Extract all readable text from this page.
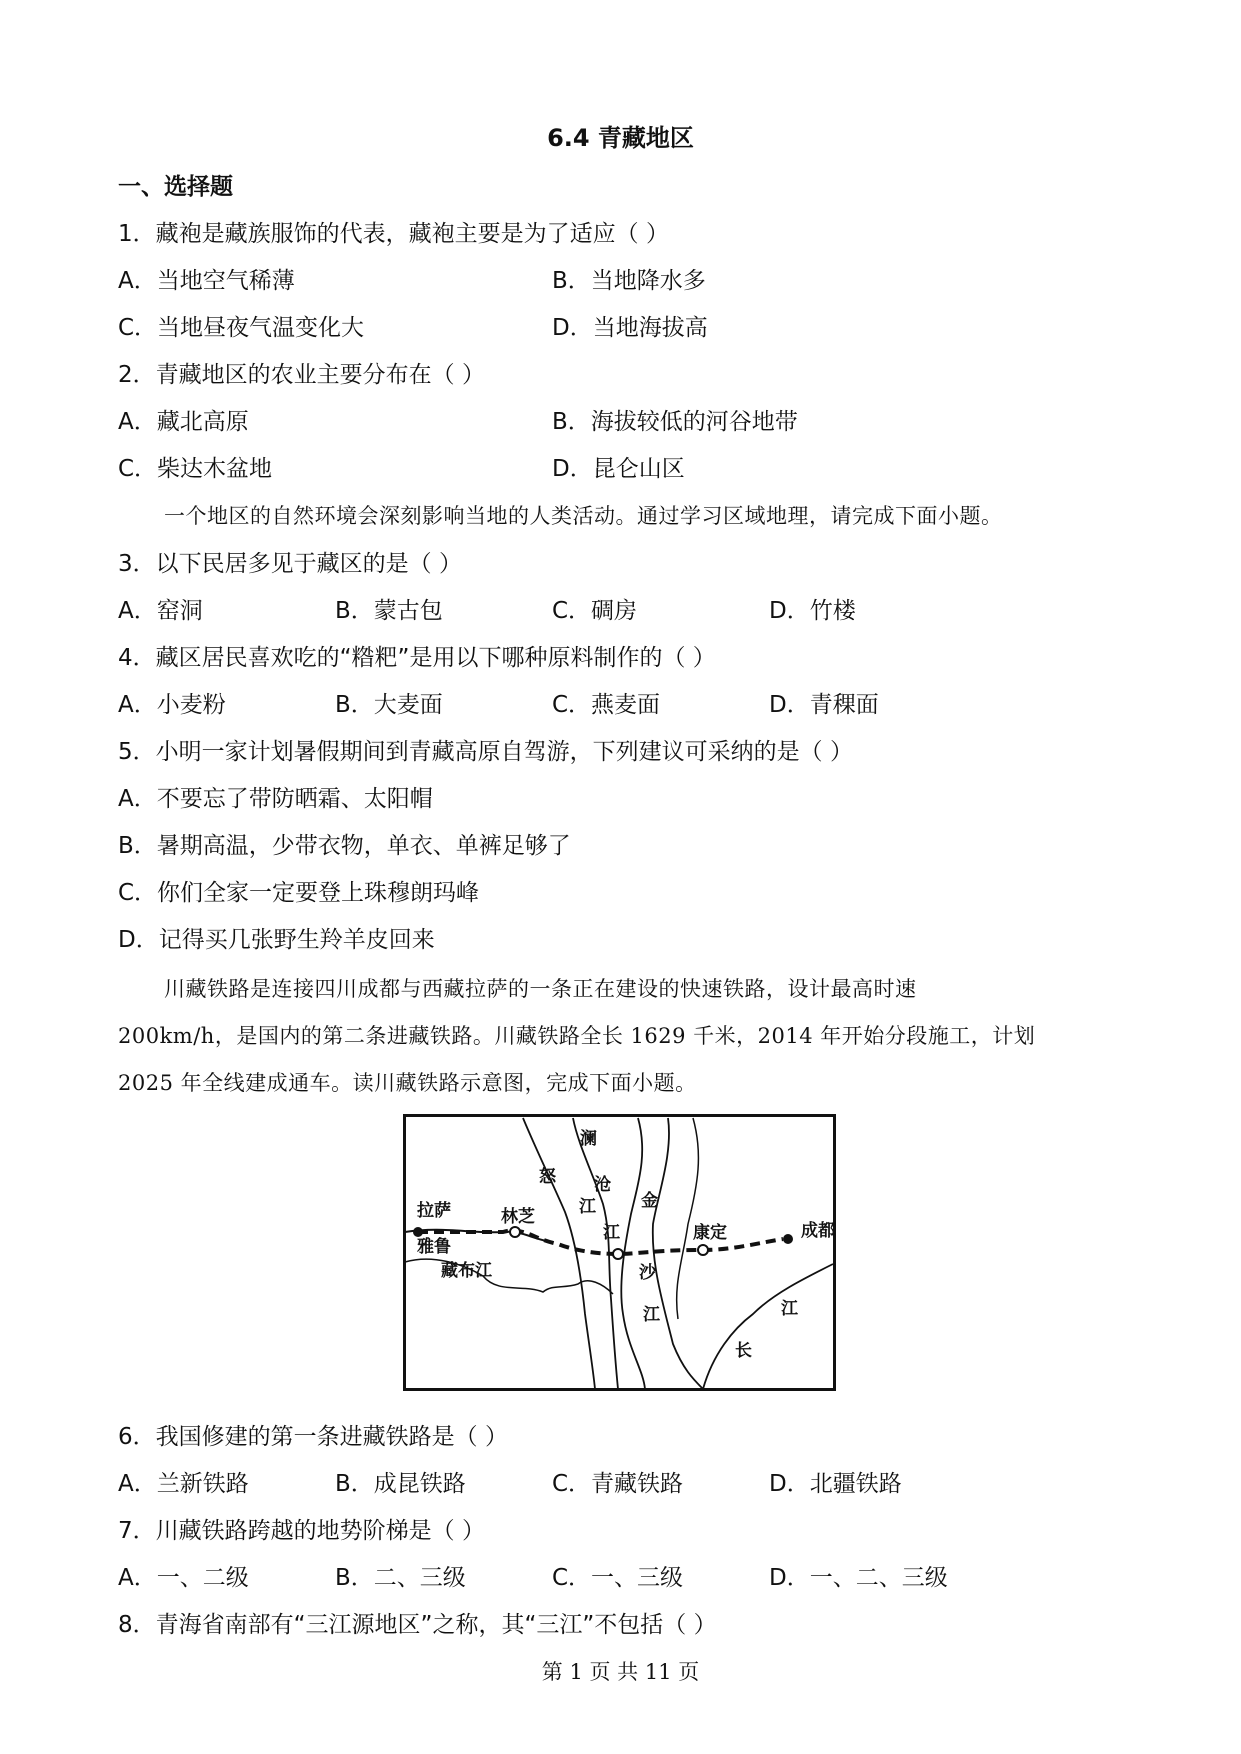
6.4 青藏地区
一、选择题
1．藏袍是藏族服饰的代表，藏袍主要是为了适应（ ）
A．当地空气稀薄	B．当地降水多
C．当地昼夜气温变化大	D．当地海拔高
2．青藏地区的农业主要分布在（ ）
A．藏北高原	B．海拔较低的河谷地带
C．柴达木盆地	D．昆仑山区
一个地区的自然环境会深刻影响当地的人类活动。通过学习区域地理，请完成下面小题。
3．以下民居多见于藏区的是（ ）
A．窑洞	B．蒙古包	C．碉房	D．竹楼
4．藏区居民喜欢吃的“糌粑”是用以下哪种原料制作的（ ）
A．小麦粉	B．大麦面	C．燕麦面	D．青稞面
5．小明一家计划暑假期间到青藏高原自驾游，下列建议可采纳的是（ ）
A．不要忘了带防晒霜、太阳帽
B．暑期高温，少带衣物，单衣、单裤足够了
C．你们全家一定要登上珠穆朗玛峰
D．记得买几张野生羚羊皮回来
川藏铁路是连接四川成都与西藏拉萨的一条正在建设的快速铁路，设计最高时速
200km/h，是国内的第二条进藏铁路。川藏铁路全长 1629 千米，2014 年开始分段施工，计划
2025 年全线建成通车。读川藏铁路示意图，完成下面小题。
拉萨	林芝
康定	成都
雅鲁
藏布江
怒
江
澜
沧
江
金
沙
江	江
长
6．我国修建的第一条进藏铁路是（ ）
A．兰新铁路	B．成昆铁路	C．青藏铁路	D．北疆铁路
7．川藏铁路跨越的地势阶梯是（ ）
A．一、二级	B．二、三级	C．一、三级	D．一、二、三级
8．青海省南部有“三江源地区”之称，其“三江”不包括（ ）
第 1 页 共 11 页
